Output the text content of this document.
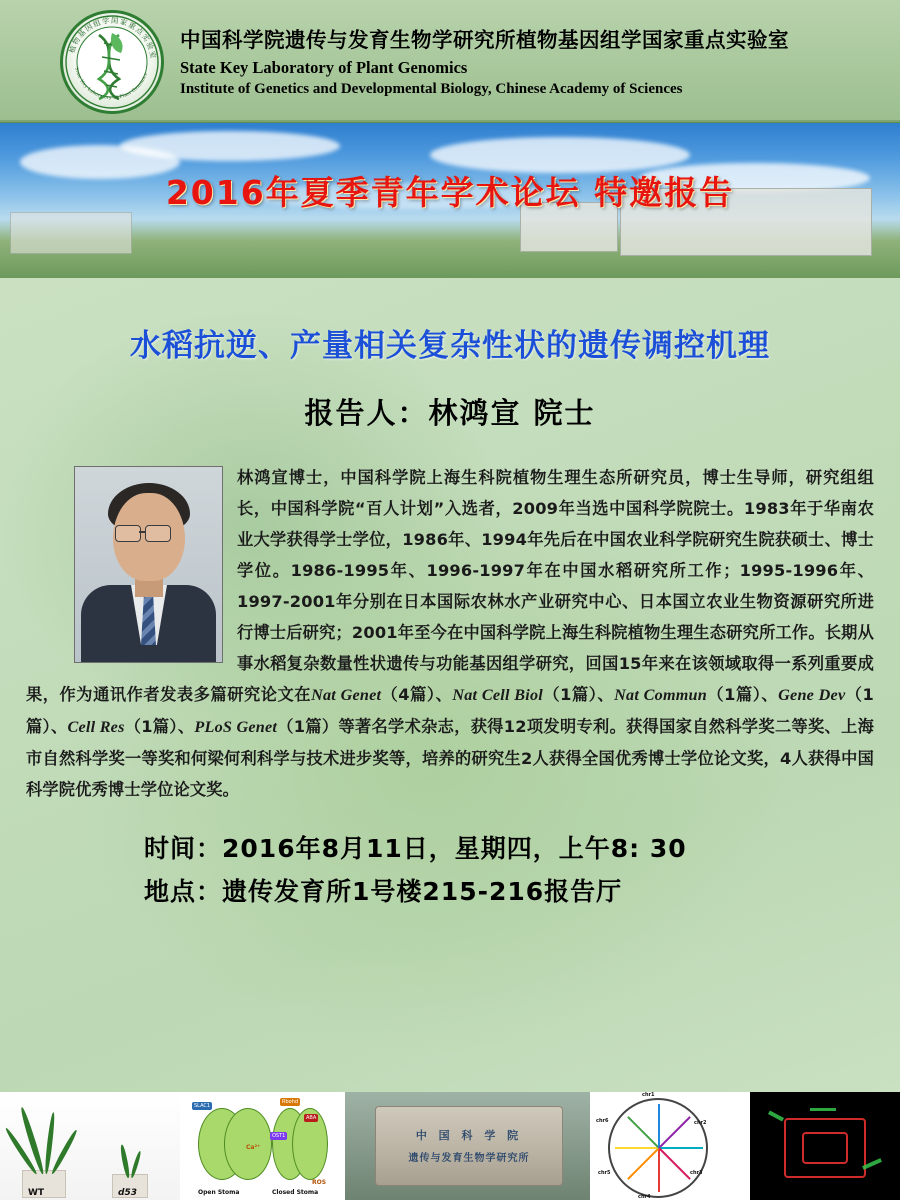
植物基因组学国家重点实验室
State Key Laboratory of Plant Genomics
中国科学院遗传与发育生物学研究所植物基因组学国家重点实验室
State Key Laboratory of Plant Genomics
Institute of Genetics and Developmental Biology, Chinese Academy of Sciences
2016年夏季青年学术论坛 特邀报告
水稻抗逆、产量相关复杂性状的遗传调控机理
报告人：林鸿宣 院士
林鸿宣博士，中国科学院上海生科院植物生理生态所研究员，博士生导师，研究组组长，中国科学院“百人计划”入选者，2009年当选中国科学院院士。1983年于华南农业大学获得学士学位，1986年、1994年先后在中国农业科学院研究生院获硕士、博士学位。1986-1995年、1996-1997年在中国水稻研究所工作；1995-1996年、1997-2001年分别在日本国际农林水产业研究中心、日本国立农业生物资源研究所进行博士后研究；2001年至今在中国科学院上海生科院植物生理生态研究所工作。长期从事水稻复杂数量性状遗传与功能基因组学研究，回国15年来在该领域取得一系列重要成果，作为通讯作者发表多篇研究论文在Nat Genet（4篇）、Nat Cell Biol（1篇）、Nat Commun（1篇）、Gene Dev（1篇）、Cell Res（1篇）、PLoS Genet（1篇）等著名学术杂志，获得12项发明专利。获得国家自然科学奖二等奖、上海市自然科学奖一等奖和何梁何利科学与技术进步奖等，培养的研究生2人获得全国优秀博士学位论文奖，4人获得中国科学院优秀博士学位论文奖。
时间：2016年8月11日，星期四，上午8: 30
地点：遗传发育所1号楼215-216报告厅
WT	d53
SLAC1
Rbohd
ABA
OST1
Open Stoma	Closed Stoma
ROS
Ca²⁺
中 国 科 学 院
遗传与发育生物学研究所
chr1
chr2
chr3
chr4
chr5
chr6
